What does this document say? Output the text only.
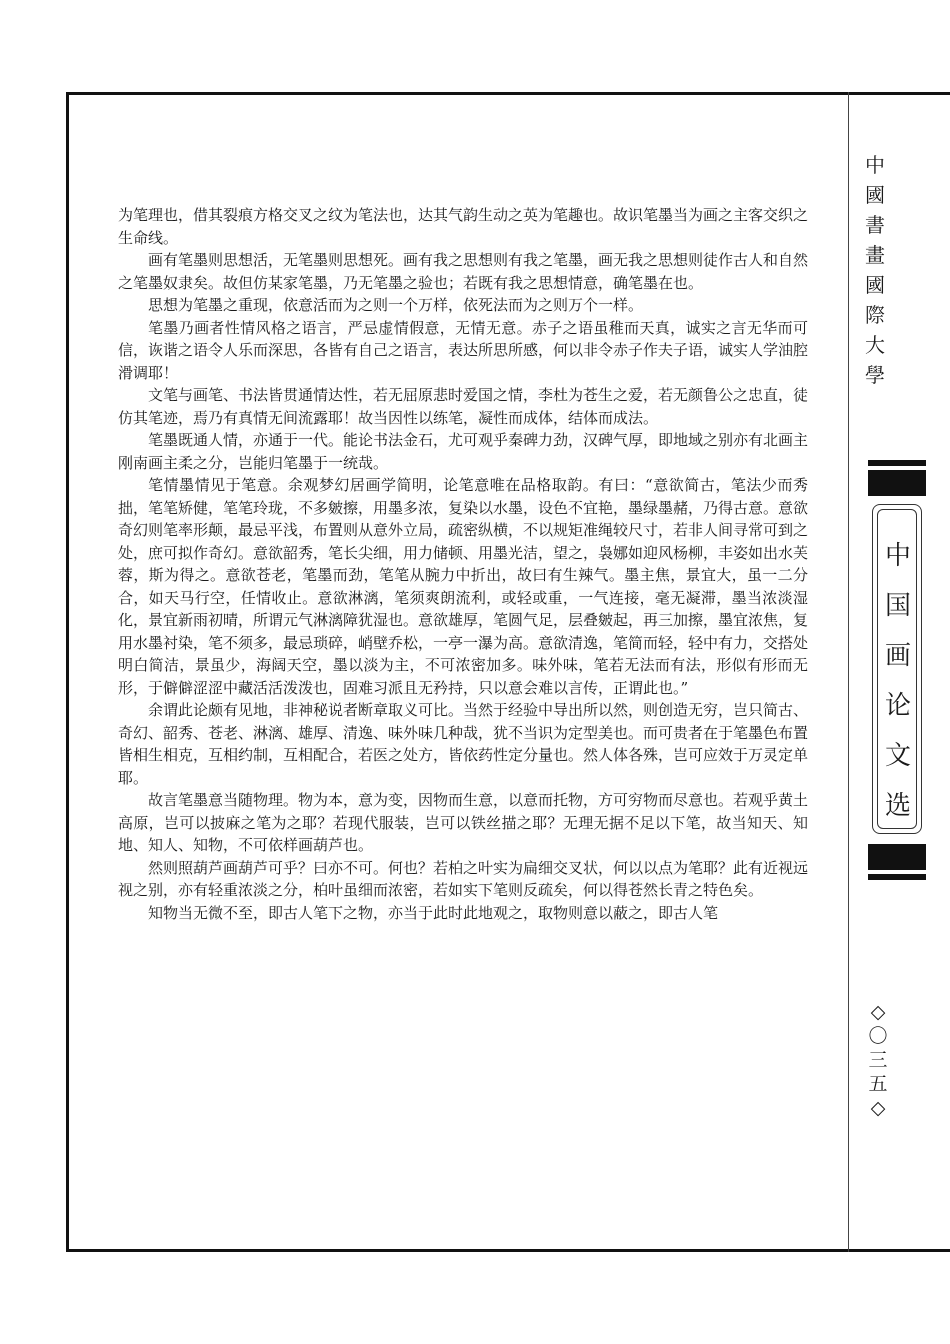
中
國
書
畫
國
際
大
學
中
国
画
论
文
选
◇
〇
三
五
◇

为笔理也，借其裂痕方格交叉之纹为笔法也，达其气韵生动之英为笔趣也。故识笔墨当为画之主客交织之生命线。

画有笔墨则思想活，无笔墨则思想死。画有我之思想则有我之笔墨，画无我之思想则徒作古人和自然之笔墨奴隶矣。故但仿某家笔墨，乃无笔墨之验也；若既有我之思想情意，确笔墨在也。

思想为笔墨之重现，依意活而为之则一个万样，依死法而为之则万个一样。

笔墨乃画者性情风格之语言，严忌虚情假意，无情无意。赤子之语虽稚而天真，诚实之言无华而可信，诙谐之语令人乐而深思，各皆有自己之语言，表达所思所感，何以非令赤子作夫子语，诚实人学油腔滑调耶！

文笔与画笔、书法皆贯通情达性，若无屈原悲时爱国之情，李杜为苍生之爱，若无颜鲁公之忠直，徒仿其笔迹，焉乃有真情无间流露耶！故当因性以练笔，凝性而成体，结体而成法。

笔墨既通人情，亦通于一代。能论书法金石，尤可观乎秦碑力劲，汉碑气厚，即地域之别亦有北画主刚南画主柔之分，岂能归笔墨于一统哉。

笔情墨情见于笔意。余观梦幻居画学简明，论笔意唯在品格取韵。有曰：“意欲简古，笔法少而秀拙，笔笔矫健，笔笔玲珑，不多皴擦，用墨多浓，复染以水墨，设色不宜艳，墨绿墨赭，乃得古意。意欲奇幻则笔率形颠，最忌平浅，布置则从意外立局，疏密纵横，不以规矩准绳较尺寸，若非人间寻常可到之处，庶可拟作奇幻。意欲韶秀，笔长尖细，用力储顿、用墨光洁，望之，袅娜如迎风杨柳，丰姿如出水芙蓉，斯为得之。意欲苍老，笔墨而劲，笔笔从腕力中折出，故曰有生辣气。墨主焦，景宜大，虽一二分合，如天马行空，任情收止。意欲淋漓，笔须爽朗流利，或轻或重，一气连接，毫无凝滞，墨当浓淡湿化，景宜新雨初晴，所谓元气淋漓障犹湿也。意欲雄厚，笔圆气足，层叠皴起，再三加擦，墨宜浓焦，复用水墨衬染，笔不须多，最忌琐碎，峭壁乔松，一亭一瀑为高。意欲清逸，笔简而轻，轻中有力，交搭处明白简洁，景虽少，海阔天空，墨以淡为主，不可浓密加多。味外味，笔若无法而有法，形似有形而无形，于僻僻涩涩中藏活活泼泼也，固难习派且无矜持，只以意会难以言传，正谓此也。”

余谓此论颇有见地，非神秘说者断章取义可比。当然于经验中导出所以然，则创造无穷，岂只简古、奇幻、韶秀、苍老、淋漓、雄厚、清逸、味外味几种哉，犹不当识为定型美也。而可贵者在于笔墨色布置皆相生相克，互相约制，互相配合，若医之处方，皆依药性定分量也。然人体各殊，岂可应效于万灵定单耶。

故言笔墨意当随物理。物为本，意为变，因物而生意，以意而托物，方可穷物而尽意也。若观乎黄土高原，岂可以披麻之笔为之耶？若现代服装，岂可以铁丝描之耶？无理无据不足以下笔，故当知天、知地、知人、知物，不可依样画葫芦也。

然则照葫芦画葫芦可乎？曰亦不可。何也？若柏之叶实为扁细交叉状，何以以点为笔耶？此有近视远视之别，亦有轻重浓淡之分，柏叶虽细而浓密，若如实下笔则反疏矣，何以得苍然长青之特色矣。

知物当无微不至，即古人笔下之物，亦当于此时此地观之，取物则意以蔽之，即古人笔
